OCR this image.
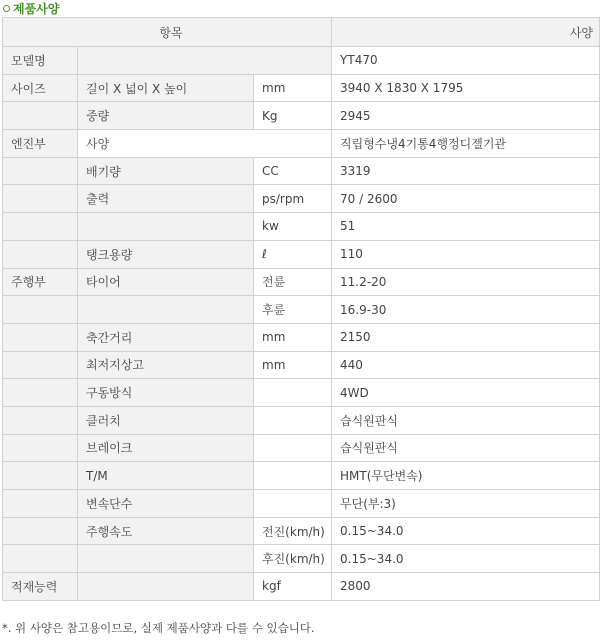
제품사양
항목			사양
모델명			YT470
사이즈	길이 X 넓이 X 높이	mm	3940 X 1830 X 1795
	중량	Kg	2945
엔진부	사양		직립형수냉4기통4행정디젤기관
	배기량	CC	3319
	출력	ps/rpm	70 / 2600
		kw	51
	탱크용량	ℓ	110
주행부	타이어	전륜	11.2-20
		후륜	16.9-30
	축간거리	mm	2150
	최저지상고	mm	440
	구동방식		4WD
	클러치		습식원판식
	브레이크		습식원판식
	T/M		HMT(무단변속)
	변속단수		무단(부:3)
	주행속도	전진(km/h)	0.15~34.0
		후진(km/h)	0.15~34.0
적재능력		kgf	2800
*. 위 사양은 참고용이므로, 실제 제품사양과 다를 수 있습니다.
